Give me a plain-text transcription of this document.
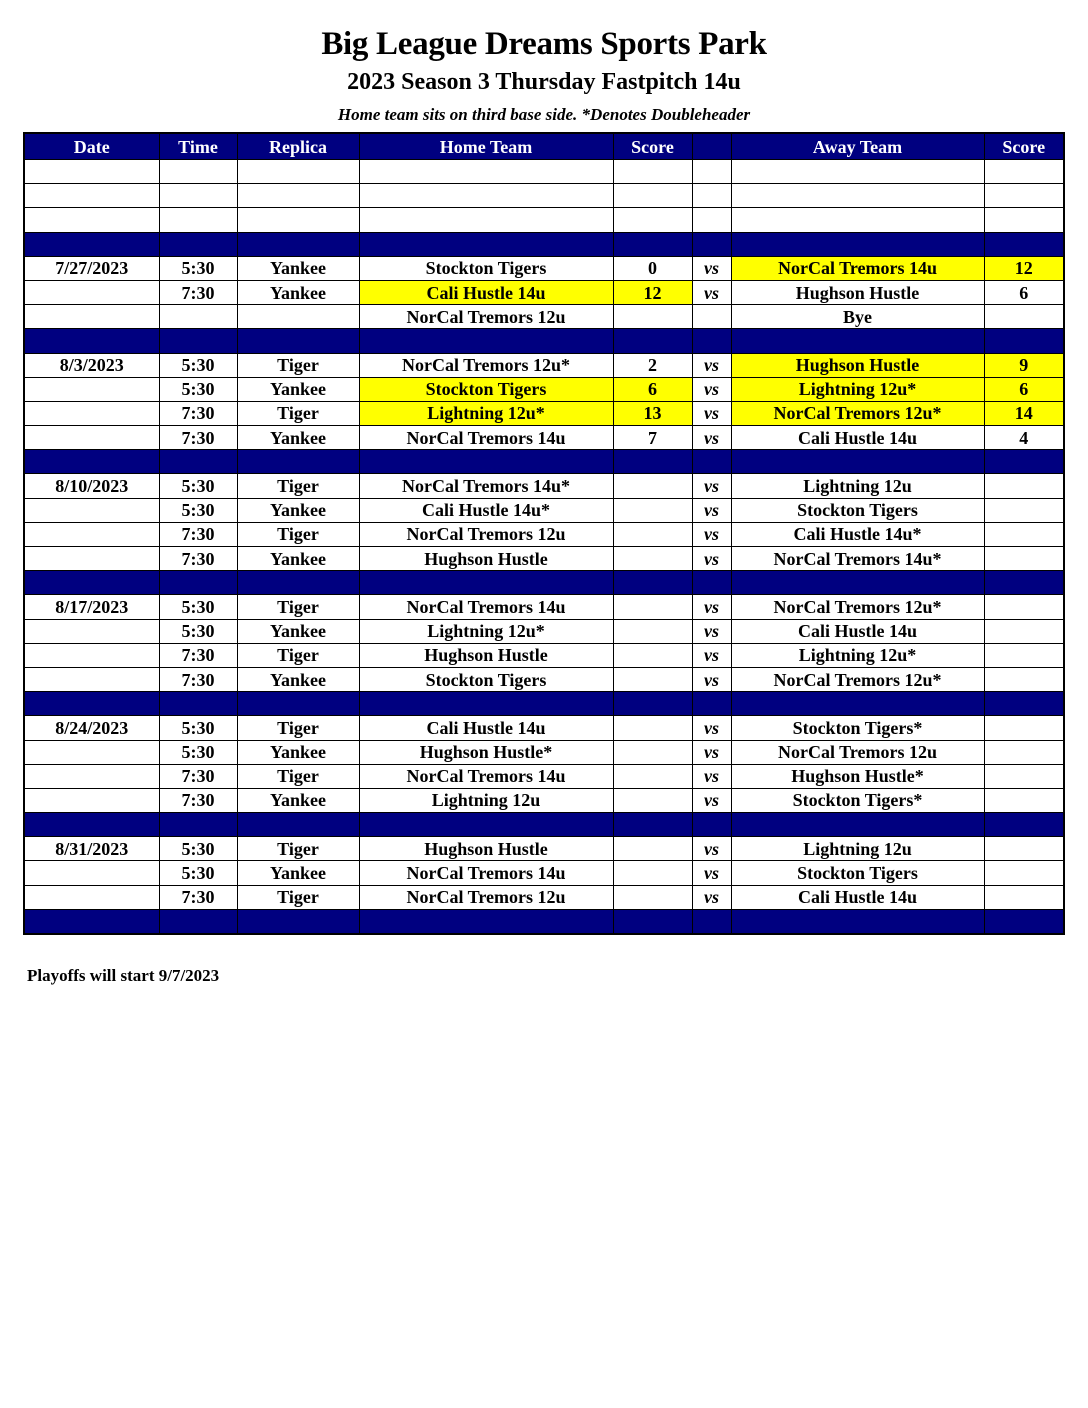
Big League Dreams Sports Park
2023 Season 3 Thursday Fastpitch 14u

Home team sits on third base side. *Denotes Doubleheader

Date	Time	Replica	Home Team	Score		Away Team	Score

7/27/2023	5:30	Yankee	Stockton Tigers	0	vs	NorCal Tremors 14u	12
	7:30	Yankee	Cali Hustle 14u	12	vs	Hughson Hustle	6
			NorCal Tremors 12u			Bye	

8/3/2023	5:30	Tiger	NorCal Tremors 12u*	2	vs	Hughson Hustle	9
	5:30	Yankee	Stockton Tigers	6	vs	Lightning 12u*	6
	7:30	Tiger	Lightning 12u*	13	vs	NorCal Tremors 12u*	14
	7:30	Yankee	NorCal Tremors 14u	7	vs	Cali Hustle 14u	4

8/10/2023	5:30	Tiger	NorCal Tremors 14u*		vs	Lightning 12u	
	5:30	Yankee	Cali Hustle 14u*		vs	Stockton Tigers	
	7:30	Tiger	NorCal Tremors 12u		vs	Cali Hustle 14u*	
	7:30	Yankee	Hughson Hustle		vs	NorCal Tremors 14u*	

8/17/2023	5:30	Tiger	NorCal Tremors 14u		vs	NorCal Tremors 12u*	
	5:30	Yankee	Lightning 12u*		vs	Cali Hustle 14u	
	7:30	Tiger	Hughson Hustle		vs	Lightning 12u*	
	7:30	Yankee	Stockton Tigers		vs	NorCal Tremors 12u*	

8/24/2023	5:30	Tiger	Cali Hustle 14u		vs	Stockton Tigers*	
	5:30	Yankee	Hughson Hustle*		vs	NorCal Tremors 12u	
	7:30	Tiger	NorCal Tremors 14u		vs	Hughson Hustle*	
	7:30	Yankee	Lightning 12u		vs	Stockton Tigers*	

8/31/2023	5:30	Tiger	Hughson Hustle		vs	Lightning 12u	
	5:30	Yankee	NorCal Tremors 14u		vs	Stockton Tigers	
	7:30	Tiger	NorCal Tremors 12u		vs	Cali Hustle 14u	

Playoffs will start 9/7/2023
